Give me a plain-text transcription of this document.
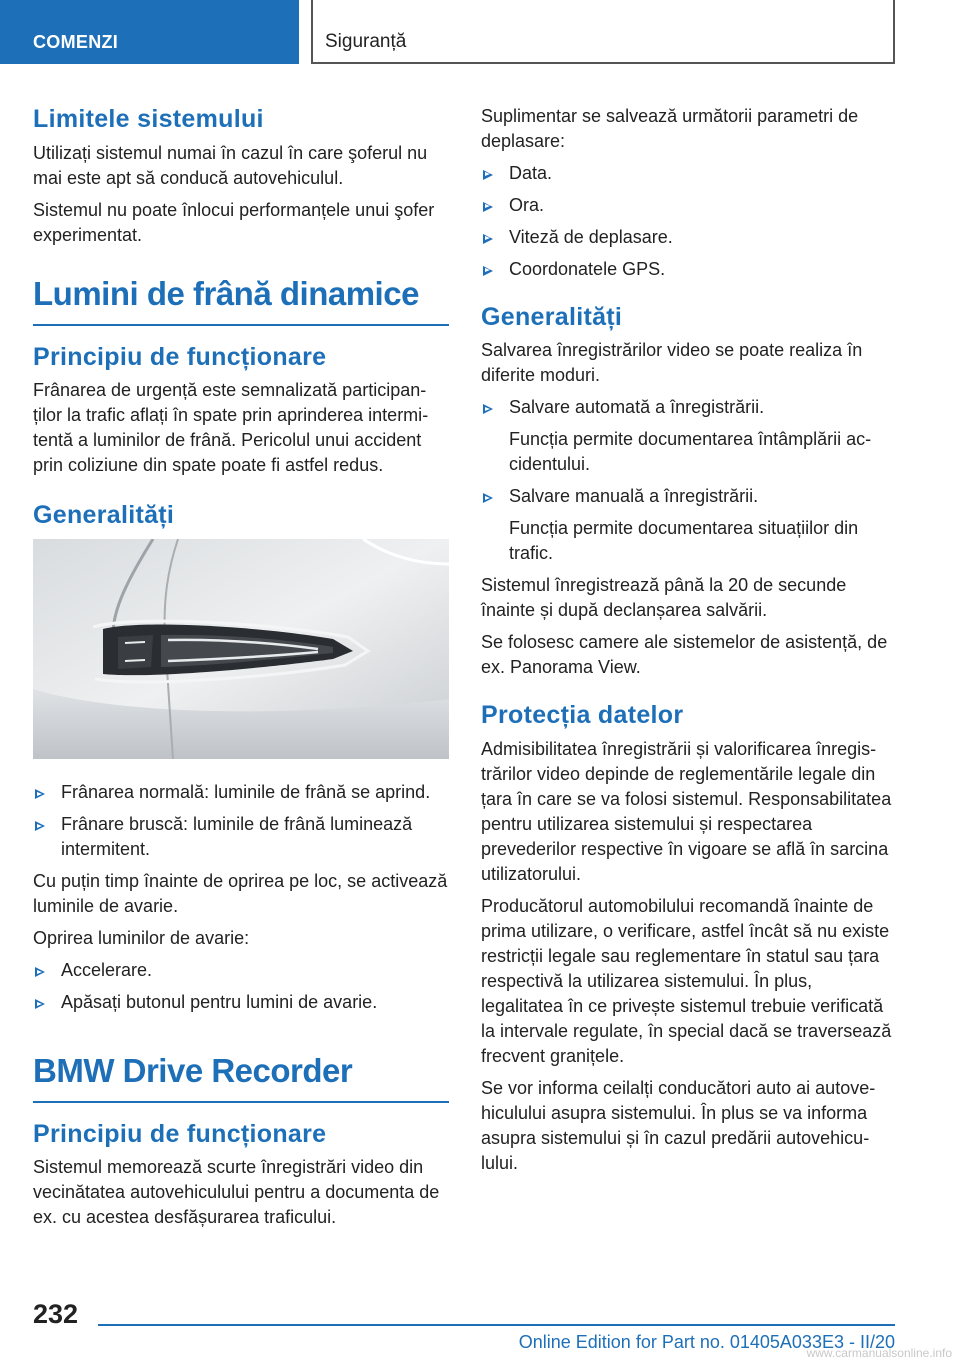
COMENZI	Siguranță
Limitele sistemului

Utilizați sistemul numai în cazul în care şoferul nu mai este apt să conducă autovehiculul.

Sistemul nu poate înlocui performanțele unui şofer experimentat.

Lumini de frână dinamice
Principiu de funcționare

Frânarea de urgență este semnalizată participanților la trafic aflați în spate prin aprinderea intermitentă a luminilor de frână. Pericolul unui accident prin coliziune din spate poate fi astfel redus.

Generalități
Frânarea normală: luminile de frână se aprind.
Frânare bruscă: luminile de frână luminează intermitent.

Cu puțin timp înainte de oprirea pe loc, se activează luminile de avarie.

Oprirea luminilor de avarie:

Accelerare.
Apăsați butonul pentru lumini de avarie.
BMW Drive Recorder
Principiu de funcționare

Sistemul memorează scurte înregistrări video din vecinătatea autovehiculului pentru a documenta de ex. cu acestea desfășurarea traficului.

Suplimentar se salvează următorii parametri de deplasare:

Data.
Ora.
Viteză de deplasare.
Coordonatele GPS.
Generalități

Salvarea înregistrărilor video se poate realiza în diferite moduri.

Salvare automată a înregistrării.
Funcția permite documentarea întâmplării accidentului.
Salvare manuală a înregistrării.
Funcția permite documentarea situațiilor din trafic.

Sistemul înregistrează până la 20 de secunde înainte și după declanșarea salvării.

Se folosesc camere ale sistemelor de asistență, de ex. Panorama View.

Protecția datelor

Admisibilitatea înregistrării și valorificarea înregistrărilor video depinde de reglementările legale din țara în care se va folosi sistemul. Responsabilitatea pentru utilizarea sistemului și respectarea prevederilor respective în vigoare se află în sarcina utilizatorului.

Producătorul automobilului recomandă înainte de prima utilizare, o verificare, astfel încât să nu existe restricții legale sau reglementare în statul sau țara respectivă la utilizarea sistemului. În plus, legalitatea în ce privește sistemul trebuie verificată la intervale regulate, în special dacă se traversează frecvent granițele.

Se vor informa ceilalți conducători auto ai autovehiculului asupra sistemului. În plus se va informa asupra sistemului și în cazul predării autovehiculului.

232
Online Edition for Part no. 01405A033E3 - II/20
www.carmanualsonline.info
